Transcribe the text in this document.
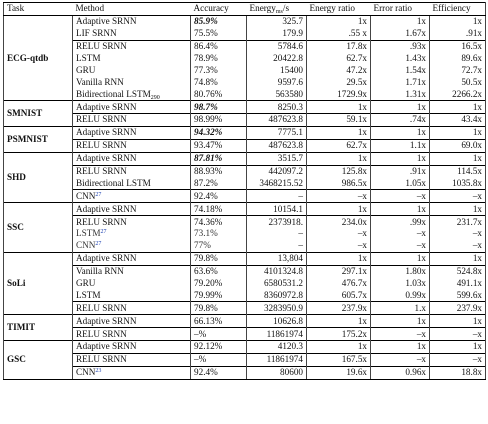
Task	Method	Accuracy	Energy$_{ms}$/s	Energy ratio	Error ratio	Efficiency
ECG-qtdb	Adaptive SRNN	85.9%	325.7	1x	1x	1x
	LIF SRNN	75.5%	179.9	.55 x	1.67x	.91x
	RELU SRNN	86.4%	5784.6	17.8x	.93x	16.5x
	LSTM	78.9%	20422.8	62.7x	1.43x	89.6x
	GRU	77.3%	15400	47.2x	1.54x	72.7x
	Vanilla RNN	74.8%	9597.6	29.5x	1.71x	50.5x
	Bidirectional $LSTM_{290}$	80.76%	563580	1729.9x	1.31x	2266.2x
SMNIST	Adaptive SRNN	98.7%	8250.3	1x	1x	1x
	RELU SRNN	98.99%	487623.8	59.1x	.74x	43.4x
PSMNIST	Adaptive SRNN	94.32%	7775.1	1x	1x	1x
	RELU SRNN	93.47%	487623.8	62.7x	1.1x	69.0x
SHD	Adaptive SRNN	87.81%	3515.7	1x	1x	1x
	RELU SRNN	88.93%	442097.2	125.8x	.91x	114.5x
	Bidirectional LSTM	87.2%	3468215.52	986.5x	1.05x	1035.8x
	CNN$^{27}$	92.4%	–	–x	–x	–x
SSC	Adaptive SRNN	74.18%	10154.1	1x	1x	1x
	RELU SRNN	74.36%	2373918.	234.0x	.99x	231.7x
	LSTM$^{27}$	73.1%	–	–x	–x	–x
	CNN$^{27}$	77%	–	–x	–x	–x
SoLi	Adaptive SRNN	79.8%	13,804	1x	1x	1x
	Vanilla RNN	63.6%	4101324.8	297.1x	1.80x	524.8x
	GRU	79.20%	6580531.2	476.7x	1.03x	491.1x
	LSTM	79.99%	8360972.8	605.7x	0.99x	599.6x
	RELU SRNN	79.8%	3283950.9	237.9x	1.x	237.9x
TIMIT	Adaptive SRNN	66.13%	10626.8	1x	1x	1x
	RELU SRNN	–%	11861974	175.2x	–x	–x
GSC	Adaptive SRNN	92.12%	4120.3	1x	1x	1x
	RELU SRNN	–%	11861974	167.5x	–x	–x
	CNN$^{23}$	92.4%	80600	19.6x	0.96x	18.8x
